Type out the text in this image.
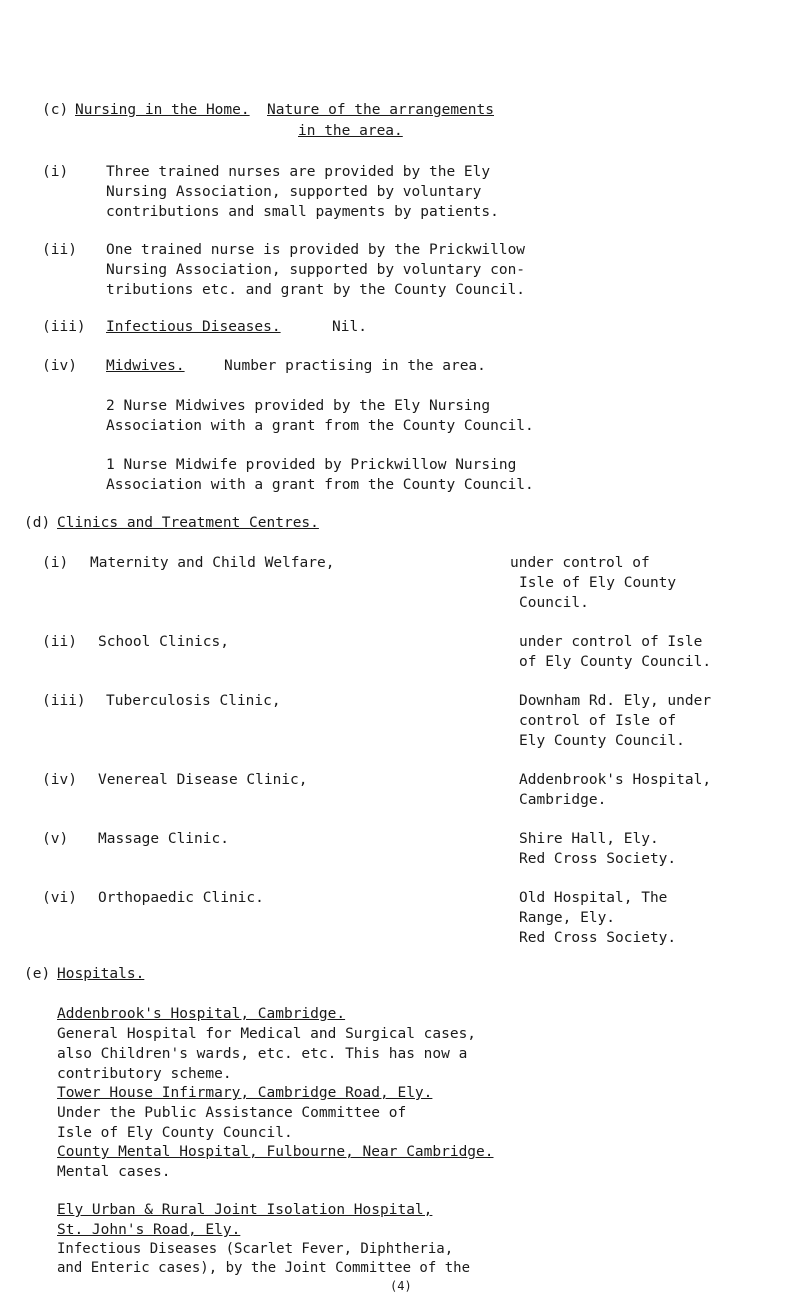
(c) Nursing in the Home. Nature of the arrangements
in the area.
(i)	Three trained nurses are provided by the Ely
Nursing Association, supported by voluntary
contributions and small payments by patients.
(ii) One trained nurse is provided by the Prickwillow
Nursing Association, supported by voluntary con-
tributions etc. and grant by the County Council.
(iii) Infectious Diseases.	Nil.
(iv) Midwives.	Number practising in the area.
2 Nurse Midwives provided by the Ely Nursing
Association with a grant from the County Council.
1 Nurse Midwife provided by Prickwillow Nursing
Association with a grant from the County Council.
(d) Clinics and Treatment Centres.
(i) Maternity and Child Welfare,	under control of
Isle of Ely County
Council.
(ii) School Clinics,	under control of Isle
of Ely County Council.
(iii) Tuberculosis Clinic,	Downham Rd. Ely, under
control of Isle of
Ely County Council.
(iv) Venereal Disease Clinic,	Addenbrook's Hospital,
Cambridge.
(v) Massage Clinic.	Shire Hall, Ely.
Red Cross Society.
(vi) Orthopaedic Clinic.	Old Hospital, The
Range, Ely.
Red Cross Society.
(e) Hospitals.
Addenbrook's Hospital, Cambridge.
General Hospital for Medical and Surgical cases,
also Children's wards, etc. etc. This has now a
contributory scheme.
Tower House Infirmary, Cambridge Road, Ely.
Under the Public Assistance Committee of
Isle of Ely County Council.
County Mental Hospital, Fulbourne, Near Cambridge.
Mental cases.
Ely Urban & Rural Joint Isolation Hospital,
St. John's Road, Ely.
Infectious Diseases (Scarlet Fever, Diphtheria,
and Enteric cases), by the Joint Committee of the
(4)
